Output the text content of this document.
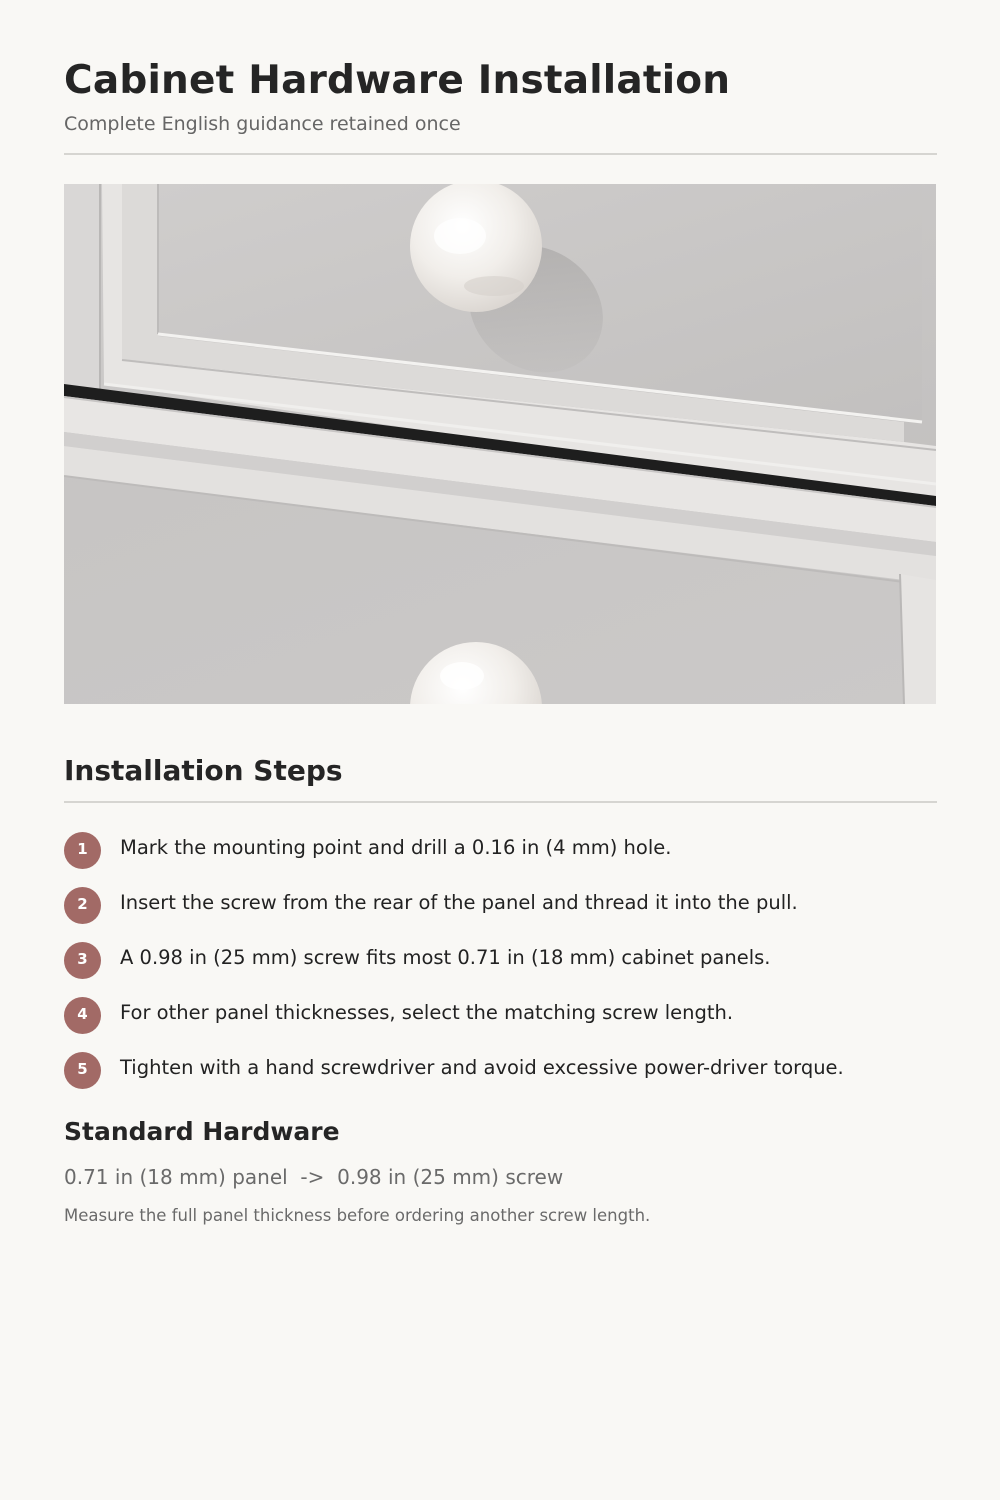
Cabinet Hardware Installation

Complete English guidance retained once

Installation Steps
1	Mark the mounting point and drill a 0.16 in (4 mm) hole.
2	Insert the screw from the rear of the panel and thread it into the pull.
3	A 0.98 in (25 mm) screw fits most 0.71 in (18 mm) cabinet panels.
4	For other panel thicknesses, select the matching screw length.
5	Tighten with a hand screwdriver and avoid excessive power-driver torque.
Standard Hardware
0.71 in (18 mm) panel  ->  0.98 in (25 mm) screw
Measure the full panel thickness before ordering another screw length.
